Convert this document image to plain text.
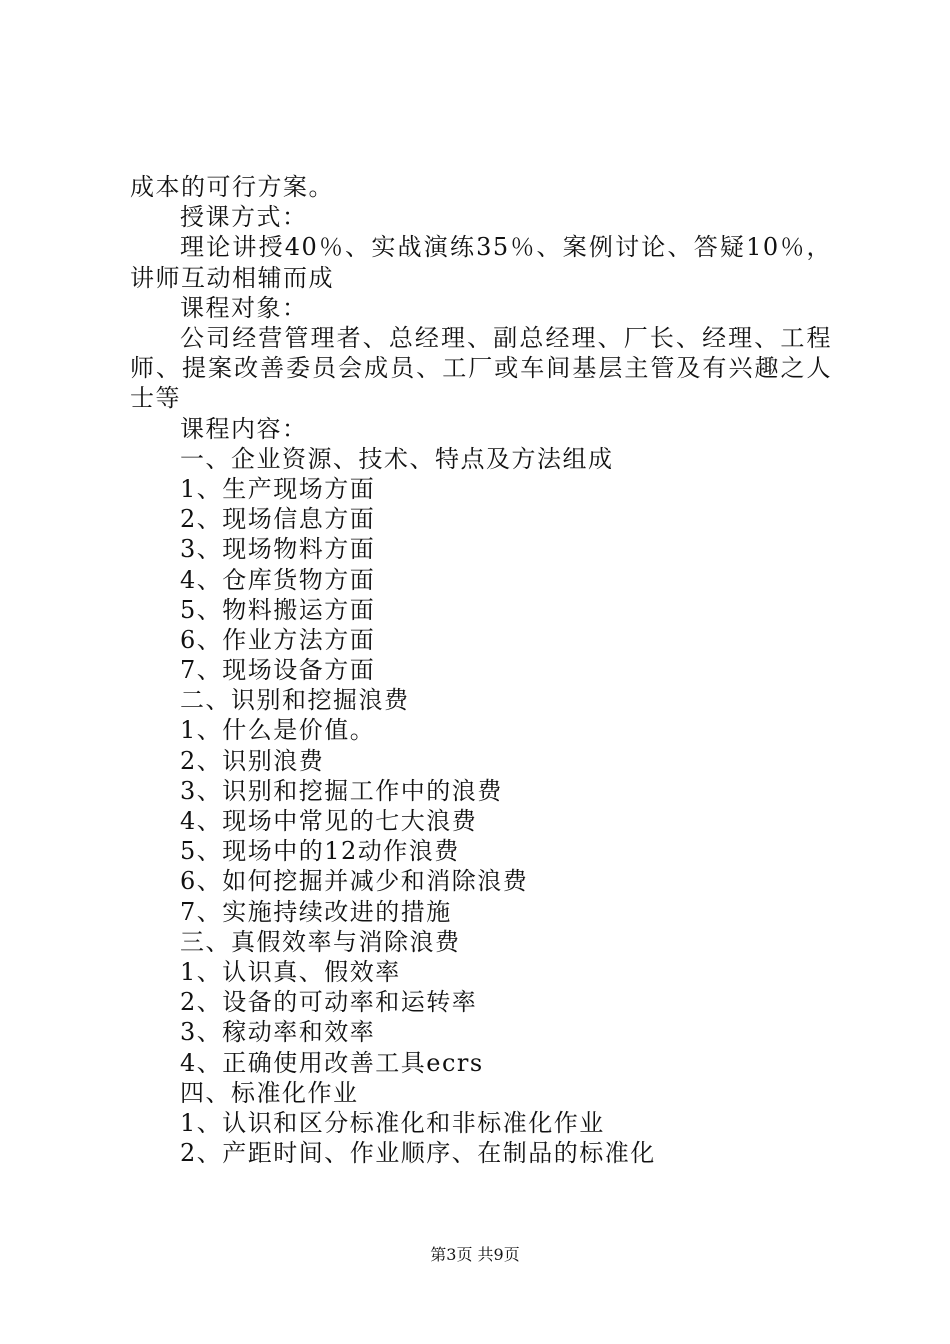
成本的可行方案。
授课方式：
理论讲授40％、实战演练35％、案例讨论、答疑10％，讲师互动相辅而成
课程对象：
公司经营管理者、总经理、副总经理、厂长、经理、工程师、提案改善委员会成员、工厂或车间基层主管及有兴趣之人士等
课程内容：
一、企业资源、技术、特点及方法组成
1、生产现场方面
2、现场信息方面
3、现场物料方面
4、仓库货物方面
5、物料搬运方面
6、作业方法方面
7、现场设备方面
二、识别和挖掘浪费
1、什么是价值。
2、识别浪费
3、识别和挖掘工作中的浪费
4、现场中常见的七大浪费
5、现场中的12动作浪费
6、如何挖掘并减少和消除浪费
7、实施持续改进的措施
三、真假效率与消除浪费
1、认识真、假效率
2、设备的可动率和运转率
3、稼动率和效率
4、正确使用改善工具ecrs
四、标准化作业
1、认识和区分标准化和非标准化作业
2、产距时间、作业顺序、在制品的标准化
第3页 共9页
